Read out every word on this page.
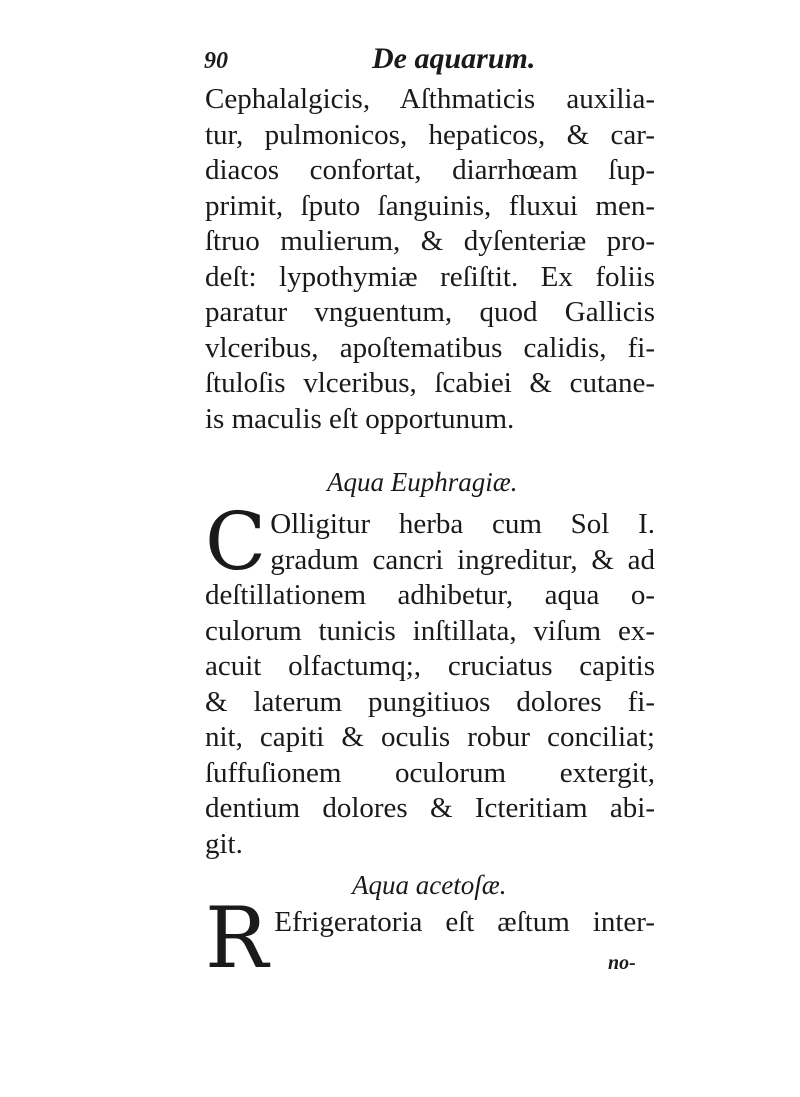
90	De aquarum.
Cephalalgicis, Aſthmaticis auxilia-
tur, pulmonicos, hepaticos, & car-
diacos confortat, diarrhœam ſup-
primit, ſputo ſanguinis, fluxui men-
ſtruo mulierum, & dyſenteriæ pro-
deſt: lypothymiæ reſiſtit. Ex foliis
paratur vnguentum, quod Gallicis
vlceribus, apoſtematibus calidis, fi-
ſtuloſis vlceribus, ſcabiei & cutane-
is maculis eſt opportunum.
Aqua Euphragiæ.
C Olligitur herba cum Sol I.
gradum cancri ingreditur, & ad
deſtillationem adhibetur, aqua o-
culorum tunicis inſtillata, viſum ex-
acuit olfactumq;, cruciatus capitis
& laterum pungitiuos dolores fi-
nit, capiti & oculis robur conciliat;
ſuffuſionem oculorum extergit,
dentium dolores & Icteritiam abi-
git.
Aqua acetoſæ.
R Efrigeratoria eſt æſtum inter-
no-
